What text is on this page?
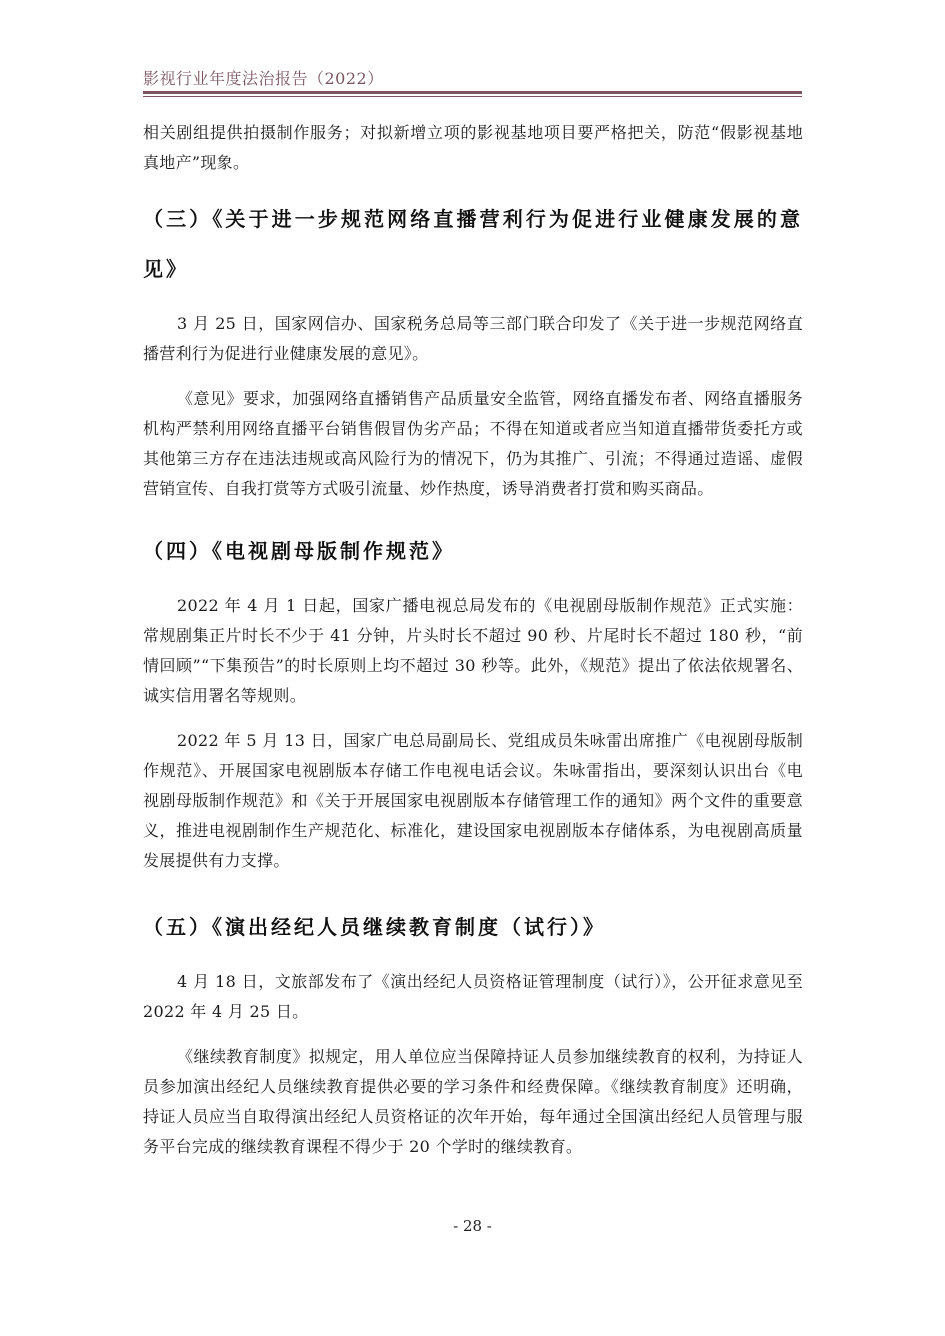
影视行业年度法治报告（2022）

相关剧组提供拍摄制作服务；对拟新增立项的影视基地项目要严格把关，防范“假影视基地真地产”现象。

（三）《关于进一步规范网络直播营利行为促进行业健康发展的意见》

3 月 25 日，国家网信办、国家税务总局等三部门联合印发了《关于进一步规范网络直播营利行为促进行业健康发展的意见》。

《意见》要求，加强网络直播销售产品质量安全监管，网络直播发布者、网络直播服务机构严禁利用网络直播平台销售假冒伪劣产品；不得在知道或者应当知道直播带货委托方或其他第三方存在违法违规或高风险行为的情况下，仍为其推广、引流；不得通过造谣、虚假营销宣传、自我打赏等方式吸引流量、炒作热度，诱导消费者打赏和购买商品。

（四）《电视剧母版制作规范》

2022 年 4 月 1 日起，国家广播电视总局发布的《电视剧母版制作规范》正式实施：常规剧集正片时长不少于 41 分钟，片头时长不超过 90 秒、片尾时长不超过 180 秒，“前情回顾”“下集预告”的时长原则上均不超过 30 秒等。此外，《规范》提出了依法依规署名、诚实信用署名等规则。

2022 年 5 月 13 日，国家广电总局副局长、党组成员朱咏雷出席推广《电视剧母版制作规范》、开展国家电视剧版本存储工作电视电话会议。朱咏雷指出，要深刻认识出台《电视剧母版制作规范》和《关于开展国家电视剧版本存储管理工作的通知》两个文件的重要意义，推进电视剧制作生产规范化、标准化，建设国家电视剧版本存储体系，为电视剧高质量发展提供有力支撑。

（五）《演出经纪人员继续教育制度（试行）》

4 月 18 日，文旅部发布了《演出经纪人员资格证管理制度（试行）》，公开征求意见至 2022 年 4 月 25 日。

《继续教育制度》拟规定，用人单位应当保障持证人员参加继续教育的权利，为持证人员参加演出经纪人员继续教育提供必要的学习条件和经费保障。《继续教育制度》还明确，持证人员应当自取得演出经纪人员资格证的次年开始，每年通过全国演出经纪人员管理与服务平台完成的继续教育课程不得少于 20 个学时的继续教育。

- 28 -
